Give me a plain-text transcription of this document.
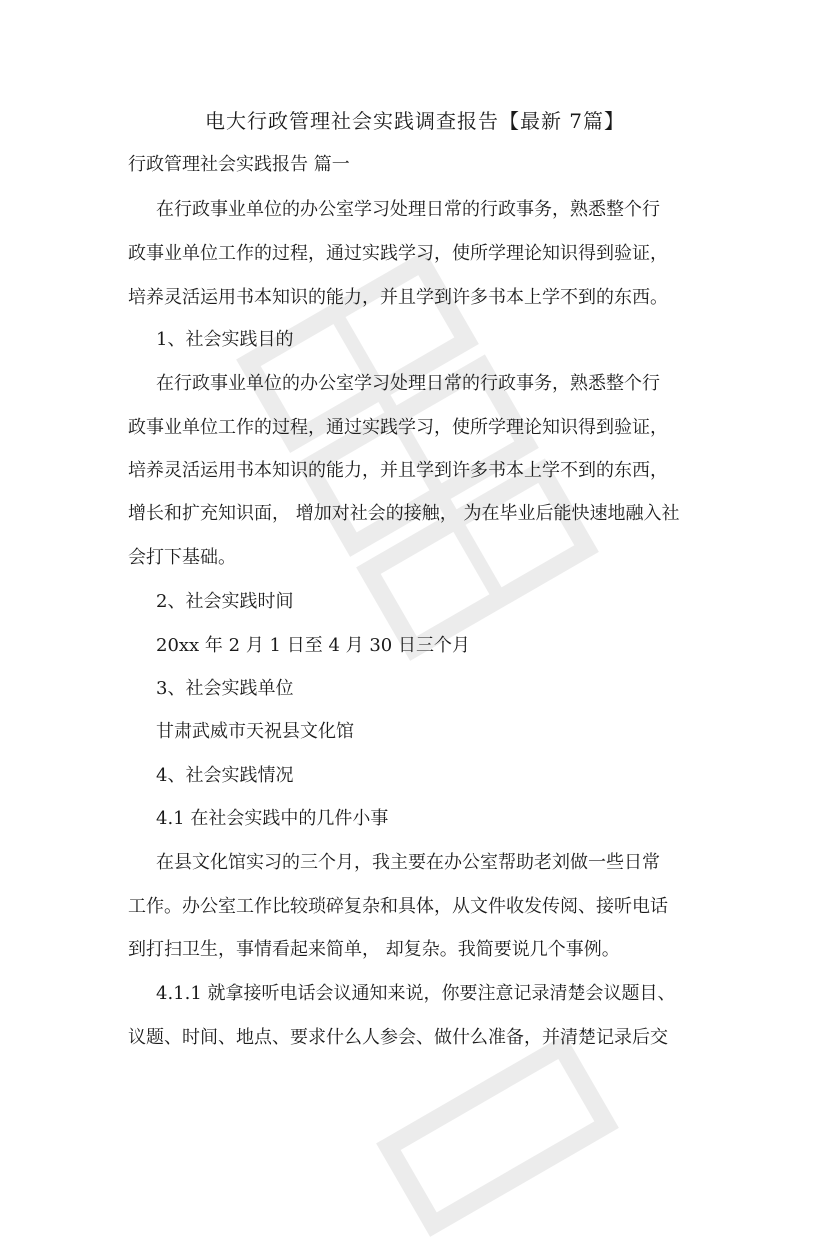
电大行政管理社会实践调查报告【最新 7篇】
行政管理社会实践报告 篇一
在行政事业单位的办公室学习处理日常的行政事务，熟悉整个行
政事业单位工作的过程，通过实践学习，使所学理论知识得到验证，
培养灵活运用书本知识的能力，并且学到许多书本上学不到的东西。
1、社会实践目的
在行政事业单位的办公室学习处理日常的行政事务，熟悉整个行
政事业单位工作的过程，通过实践学习，使所学理论知识得到验证，
培养灵活运用书本知识的能力，并且学到许多书本上学不到的东西，
增长和扩充知识面， 增加对社会的接触， 为在毕业后能快速地融入社
会打下基础。
2、社会实践时间
20xx 年 2 月 1 日至 4 月 30 日三个月
3、社会实践单位
甘肃武威市天祝县文化馆
4、社会实践情况
4.1 在社会实践中的几件小事
在县文化馆实习的三个月，我主要在办公室帮助老刘做一些日常
工作。办公室工作比较琐碎复杂和具体，从文件收发传阅、接听电话
到打扫卫生，事情看起来简单， 却复杂。我简要说几个事例。
4.1.1 就拿接听电话会议通知来说，你要注意记录清楚会议题目、
议题、时间、地点、要求什么人参会、做什么准备，并清楚记录后交
